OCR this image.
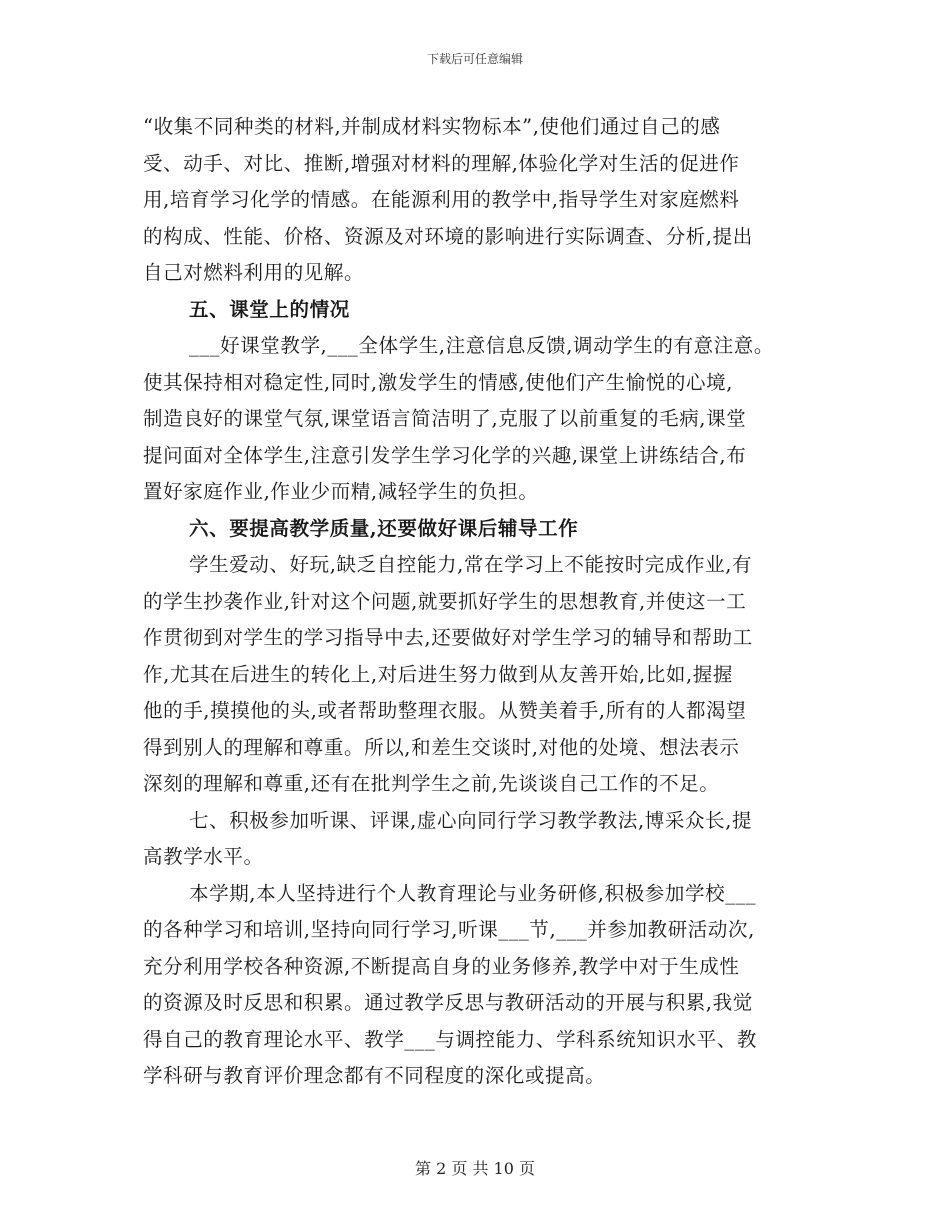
下载后可任意编辑
“收集不同种类的材料,并制成材料实物标本”,使他们通过自己的感
受、动手、对比、推断,增强对材料的理解,体验化学对生活的促进作
用,培育学习化学的情感。在能源利用的教学中,指导学生对家庭燃料
的构成、性能、价格、资源及对环境的影响进行实际调查、分析,提出
自己对燃料利用的见解。
五、课堂上的情况
___好课堂教学,___全体学生,注意信息反馈,调动学生的有意注意。
使其保持相对稳定性,同时,激发学生的情感,使他们产生愉悦的心境,
制造良好的课堂气氛,课堂语言简洁明了,克服了以前重复的毛病,课堂
提问面对全体学生,注意引发学生学习化学的兴趣,课堂上讲练结合,布
置好家庭作业,作业少而精,减轻学生的负担。
六、要提高教学质量,还要做好课后辅导工作
学生爱动、好玩,缺乏自控能力,常在学习上不能按时完成作业,有
的学生抄袭作业,针对这个问题,就要抓好学生的思想教育,并使这一工
作贯彻到对学生的学习指导中去,还要做好对学生学习的辅导和帮助工
作,尤其在后进生的转化上,对后进生努力做到从友善开始,比如,握握
他的手,摸摸他的头,或者帮助整理衣服。从赞美着手,所有的人都渴望
得到别人的理解和尊重。所以,和差生交谈时,对他的处境、想法表示
深刻的理解和尊重,还有在批判学生之前,先谈谈自己工作的不足。
七、积极参加听课、评课,虚心向同行学习教学教法,博采众长,提
高教学水平。
本学期,本人坚持进行个人教育理论与业务研修,积极参加学校___
的各种学习和培训,坚持向同行学习,听课___节,___并参加教研活动次,
充分利用学校各种资源,不断提高自身的业务修养,教学中对于生成性
的资源及时反思和积累。通过教学反思与教研活动的开展与积累,我觉
得自己的教育理论水平、教学___与调控能力、学科系统知识水平、教
学科研与教育评价理念都有不同程度的深化或提高。
第 2 页 共 10 页
